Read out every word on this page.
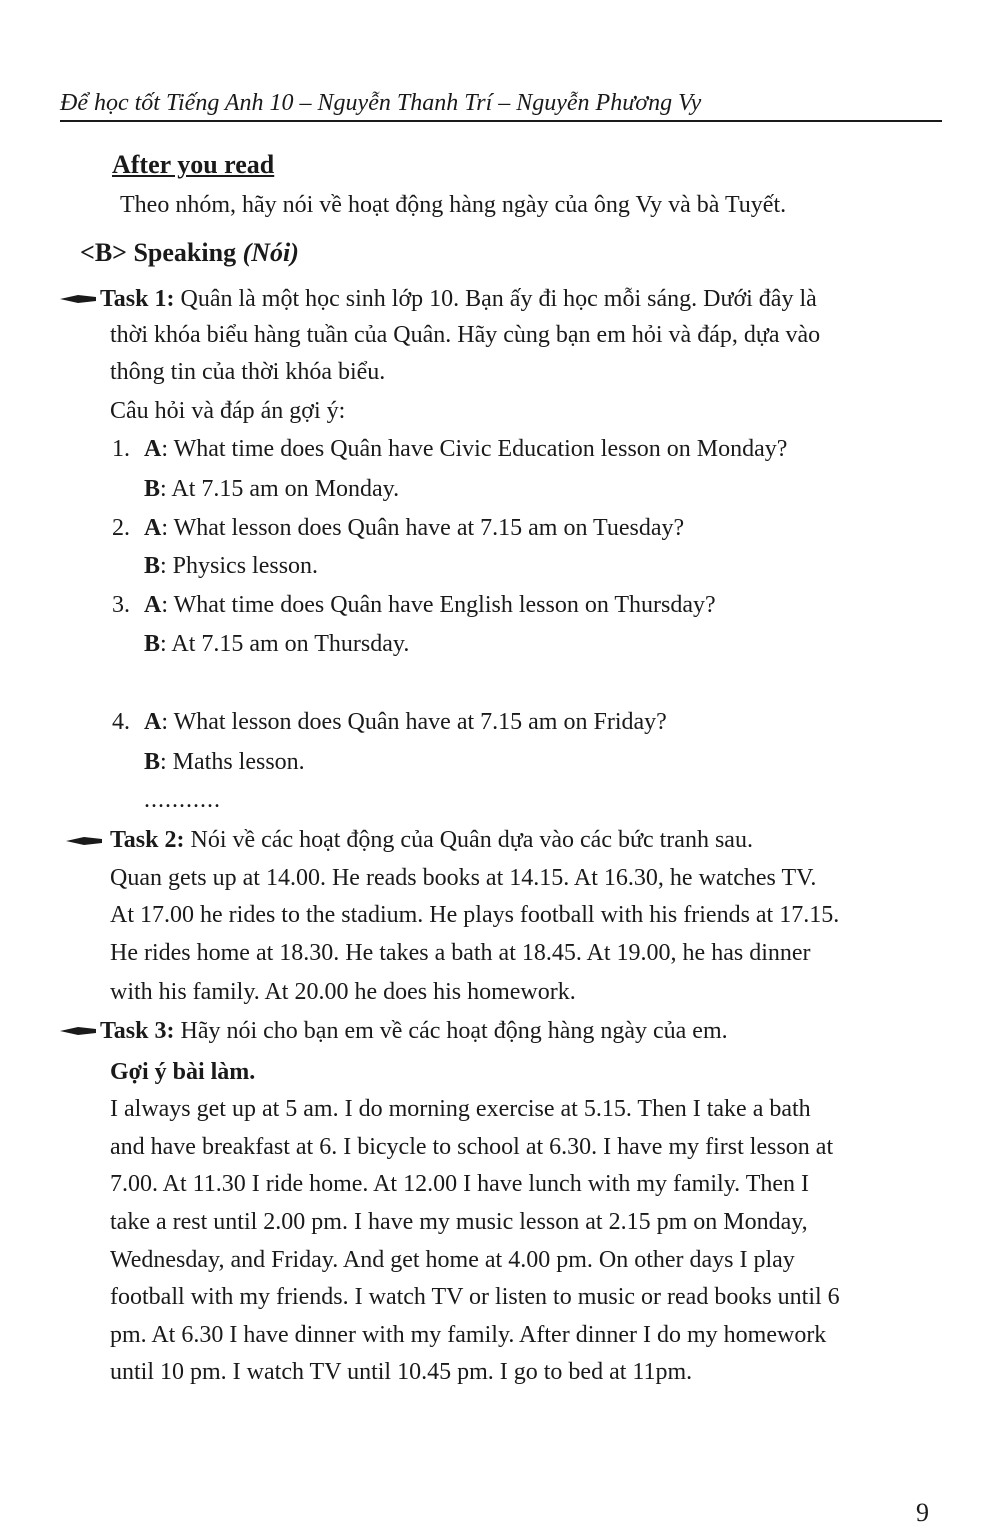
Để học tốt Tiếng Anh 10 – Nguyễn Thanh Trí – Nguyễn Phương Vy
After you read
Theo nhóm, hãy nói về hoạt động hàng ngày của ông Vy và bà Tuyết.
<B> Speaking (Nói)
Task 1: Quân là một học sinh lớp 10. Bạn ấy đi học mỗi sáng. Dưới đây là
thời khóa biểu hàng tuần của Quân. Hãy cùng bạn em hỏi và đáp, dựa vào
thông tin của thời khóa biểu.
Câu hỏi và đáp án gợi ý:
1. A: What time does Quân have Civic Education lesson on Monday?
B: At 7.15 am on Monday.
2. A: What lesson does Quân have at 7.15 am on Tuesday?
B: Physics lesson.
3. A: What time does Quân have English lesson on Thursday?
B: At 7.15 am on Thursday.
4. A: What lesson does Quân have at 7.15 am on Friday?
B: Maths lesson.
...........
Task 2: Nói về các hoạt động của Quân dựa vào các bức tranh sau.
Quan gets up at 14.00. He reads books at 14.15. At 16.30, he watches TV.
At 17.00 he rides to the stadium. He plays football with his friends at 17.15.
He rides home at 18.30. He takes a bath at 18.45. At 19.00, he has dinner
with his family. At 20.00 he does his homework.
Task 3: Hãy nói cho bạn em về các hoạt động hàng ngày của em.
Gợi ý bài làm.
I always get up at 5 am. I do morning exercise at 5.15. Then I take a bath
and have breakfast at 6. I bicycle to school at 6.30. I have my first lesson at
7.00. At 11.30 I ride home. At 12.00 I have lunch with my family. Then I
take a rest until 2.00 pm. I have my music lesson at 2.15 pm on Monday,
Wednesday, and Friday. And get home at 4.00 pm. On other days I play
football with my friends. I watch TV or listen to music or read books until 6
pm. At 6.30 I have dinner with my family. After dinner I do my homework
until 10 pm. I watch TV until 10.45 pm. I go to bed at 11pm.
9
